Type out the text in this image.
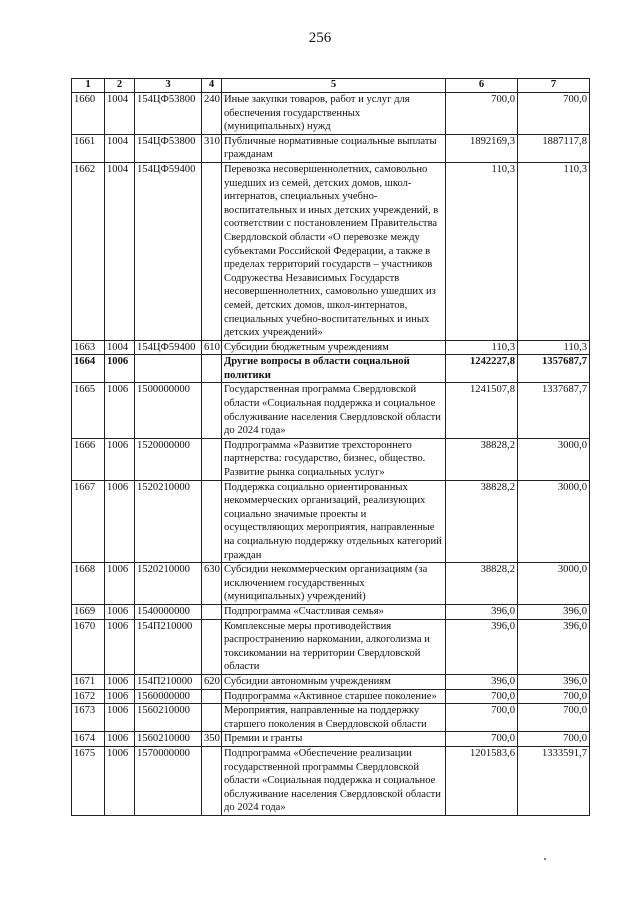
256
1	2	3	4	5	6	7
1660	1004	154ЦФ53800	240	Иные закупки товаров, работ и услуг для обеспечения государственных (муниципальных) нужд	700,0	700,0
1661	1004	154ЦФ53800	310	Публичные нормативные социальные выплаты гражданам	1892169,3	1887117,8
1662	1004	154ЦФ59400		Перевозка несовершеннолетних, самовольно ушедших из семей, детских домов, школ-интернатов, специальных учебно-воспитательных и иных детских учреждений, в соответствии с постановлением Правительства Свердловской области «О перевозке между субъектами Российской Федерации, а также в пределах территорий государств – участников Содружества Независимых Государств несовершеннолетних, самовольно ушедших из семей, детских домов, школ-интернатов, специальных учебно-воспитательных и иных детских учреждений»	110,3	110,3
1663	1004	154ЦФ59400	610	Субсидии бюджетным учреждениям	110,3	110,3
1664	1006			Другие вопросы в области социальной политики	1242227,8	1357687,7
1665	1006	1500000000		Государственная программа Свердловской области «Социальная поддержка и социальное обслуживание населения Свердловской области до 2024 года»	1241507,8	1337687,7
1666	1006	1520000000		Подпрограмма «Развитие трехстороннего партнерства: государство, бизнес, общество. Развитие рынка социальных услуг»	38828,2	3000,0
1667	1006	1520210000		Поддержка социально ориентированных некоммерческих организаций, реализующих социально значимые проекты и осуществляющих мероприятия, направленные на социальную поддержку отдельных категорий граждан	38828,2	3000,0
1668	1006	1520210000	630	Субсидии некоммерческим организациям (за исключением государственных (муниципальных) учреждений)	38828,2	3000,0
1669	1006	1540000000		Подпрограмма «Счастливая семья»	396,0	396,0
1670	1006	154П210000		Комплексные меры противодействия распространению наркомании, алкоголизма и токсикомании на территории Свердловской области	396,0	396,0
1671	1006	154П210000	620	Субсидии автономным учреждениям	396,0	396,0
1672	1006	1560000000		Подпрограмма «Активное старшее поколение»	700,0	700,0
1673	1006	1560210000		Мероприятия, направленные на поддержку старшего поколения в Свердловской области	700,0	700,0
1674	1006	1560210000	350	Премии и гранты	700,0	700,0
1675	1006	1570000000		Подпрограмма «Обеспечение реализации государственной программы Свердловской области «Социальная поддержка и социальное обслуживание населения Свердловской области до 2024 года»	1201583,6	1333591,7
